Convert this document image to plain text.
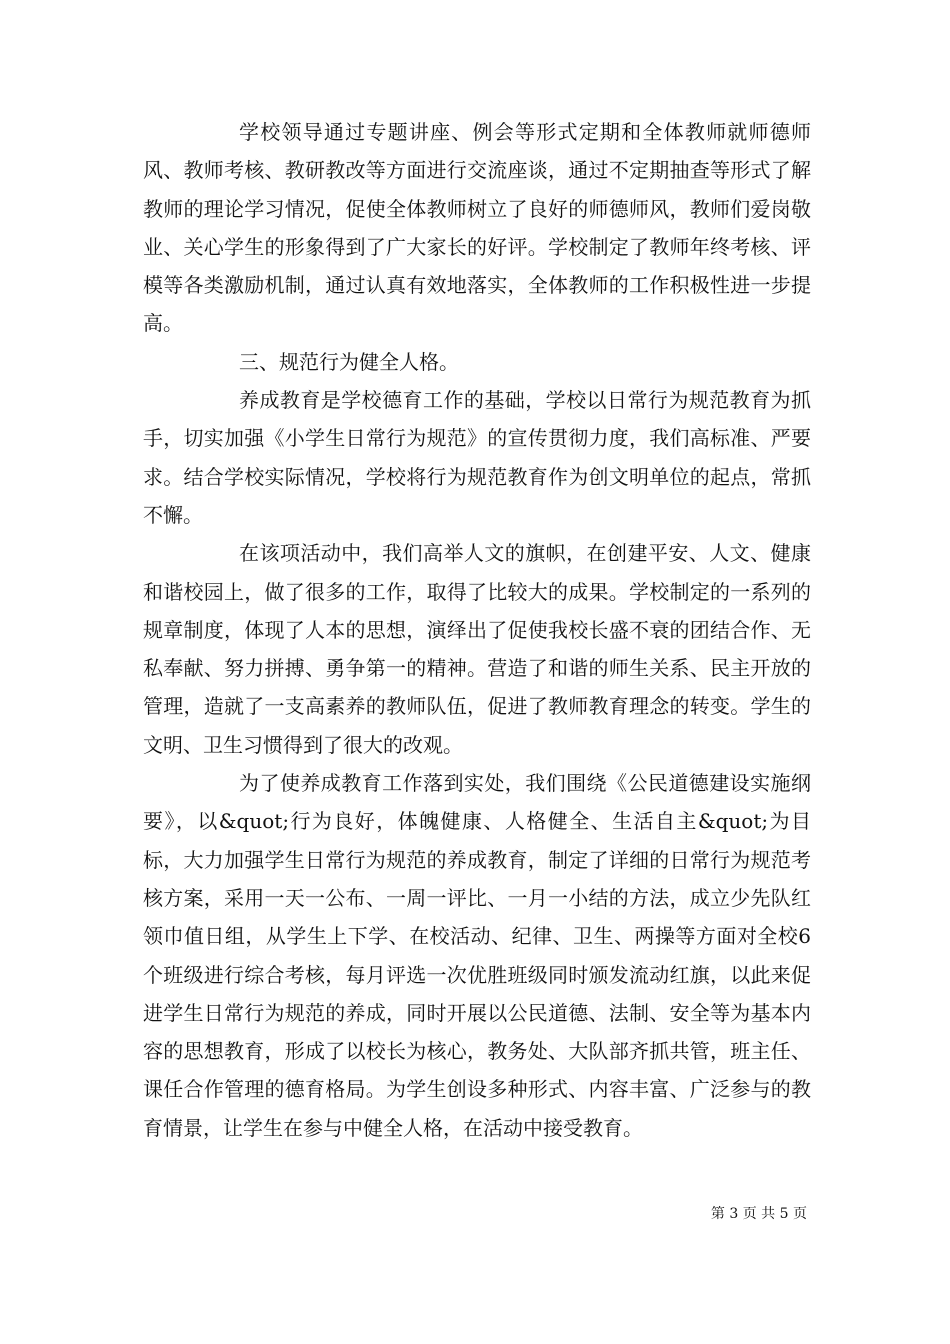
学校领导通过专题讲座、例会等形式定期和全体教师就师德师风、教师考核、教研教改等方面进行交流座谈，通过不定期抽查等形式了解教师的理论学习情况，促使全体教师树立了良好的师德师风，教师们爱岗敬业、关心学生的形象得到了广大家长的好评。学校制定了教师年终考核、评模等各类激励机制，通过认真有效地落实，全体教师的工作积极性进一步提高。

三、规范行为健全人格。

养成教育是学校德育工作的基础，学校以日常行为规范教育为抓手，切实加强《小学生日常行为规范》的宣传贯彻力度，我们高标准、严要求。结合学校实际情况，学校将行为规范教育作为创文明单位的起点，常抓不懈。

在该项活动中，我们高举人文的旗帜，在创建平安、人文、健康和谐校园上，做了很多的工作，取得了比较大的成果。学校制定的一系列的规章制度，体现了人本的思想，演绎出了促使我校长盛不衰的团结合作、无私奉献、努力拼搏、勇争第一的精神。营造了和谐的师生关系、民主开放的管理，造就了一支高素养的教师队伍，促进了教师教育理念的转变。学生的文明、卫生习惯得到了很大的改观。

为了使养成教育工作落到实处，我们围绕《公民道德建设实施纲要》，以&quot;行为良好，体魄健康、人格健全、生活自主&quot;为目标，大力加强学生日常行为规范的养成教育，制定了详细的日常行为规范考核方案，采用一天一公布、一周一评比、一月一小结的方法，成立少先队红领巾值日组，从学生上下学、在校活动、纪律、卫生、两操等方面对全校6个班级进行综合考核，每月评选一次优胜班级同时颁发流动红旗，以此来促进学生日常行为规范的养成，同时开展以公民道德、法制、安全等为基本内容的思想教育，形成了以校长为核心，教务处、大队部齐抓共管，班主任、课任合作管理的德育格局。为学生创设多种形式、内容丰富、广泛参与的教育情景，让学生在参与中健全人格，在活动中接受教育。

第 3 页 共 5 页
